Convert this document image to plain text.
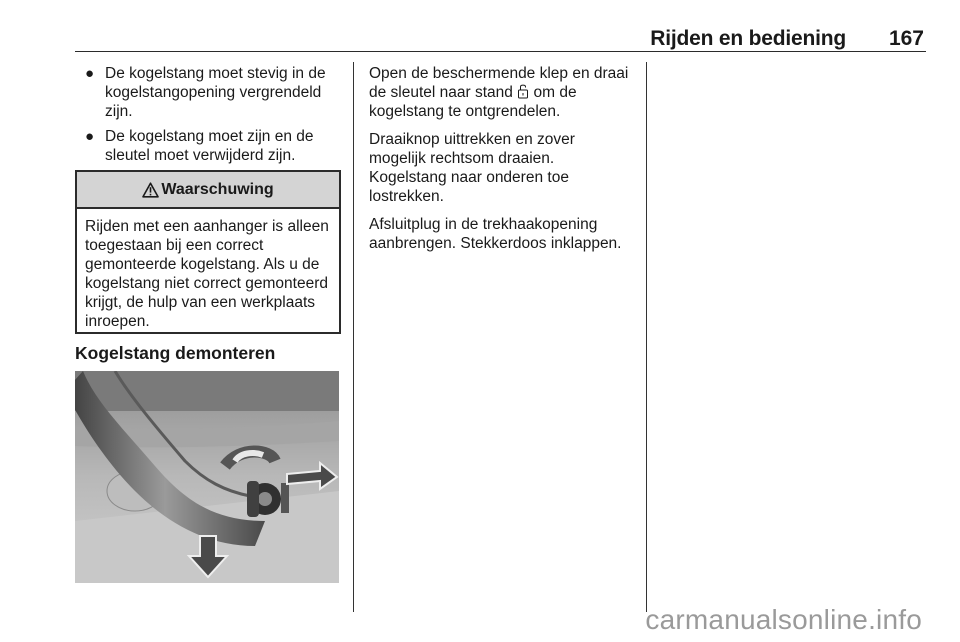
Rijden en bediening 167
● De kogelstang moet stevig in de kogelstangopening vergrendeld zijn.
● De kogelstang moet zijn en de sleutel moet verwijderd zijn.
Waarschuwing
Rijden met een aanhanger is alleen toegestaan bij een correct gemonteerde kogelstang. Als u de kogelstang niet correct gemonteerd krijgt, de hulp van een werkplaats inroepen.
Kogelstang demonteren

Open de beschermende klep en draai de sleutel naar stand om de kogelstang te ontgrendelen.

Draaiknop uittrekken en zover mogelijk rechtsom draaien. Kogelstang naar onderen toe lostrekken.

Afsluitplug in de trekhaakopening aanbrengen. Stekkerdoos inklappen.

carmanualsonline.info
